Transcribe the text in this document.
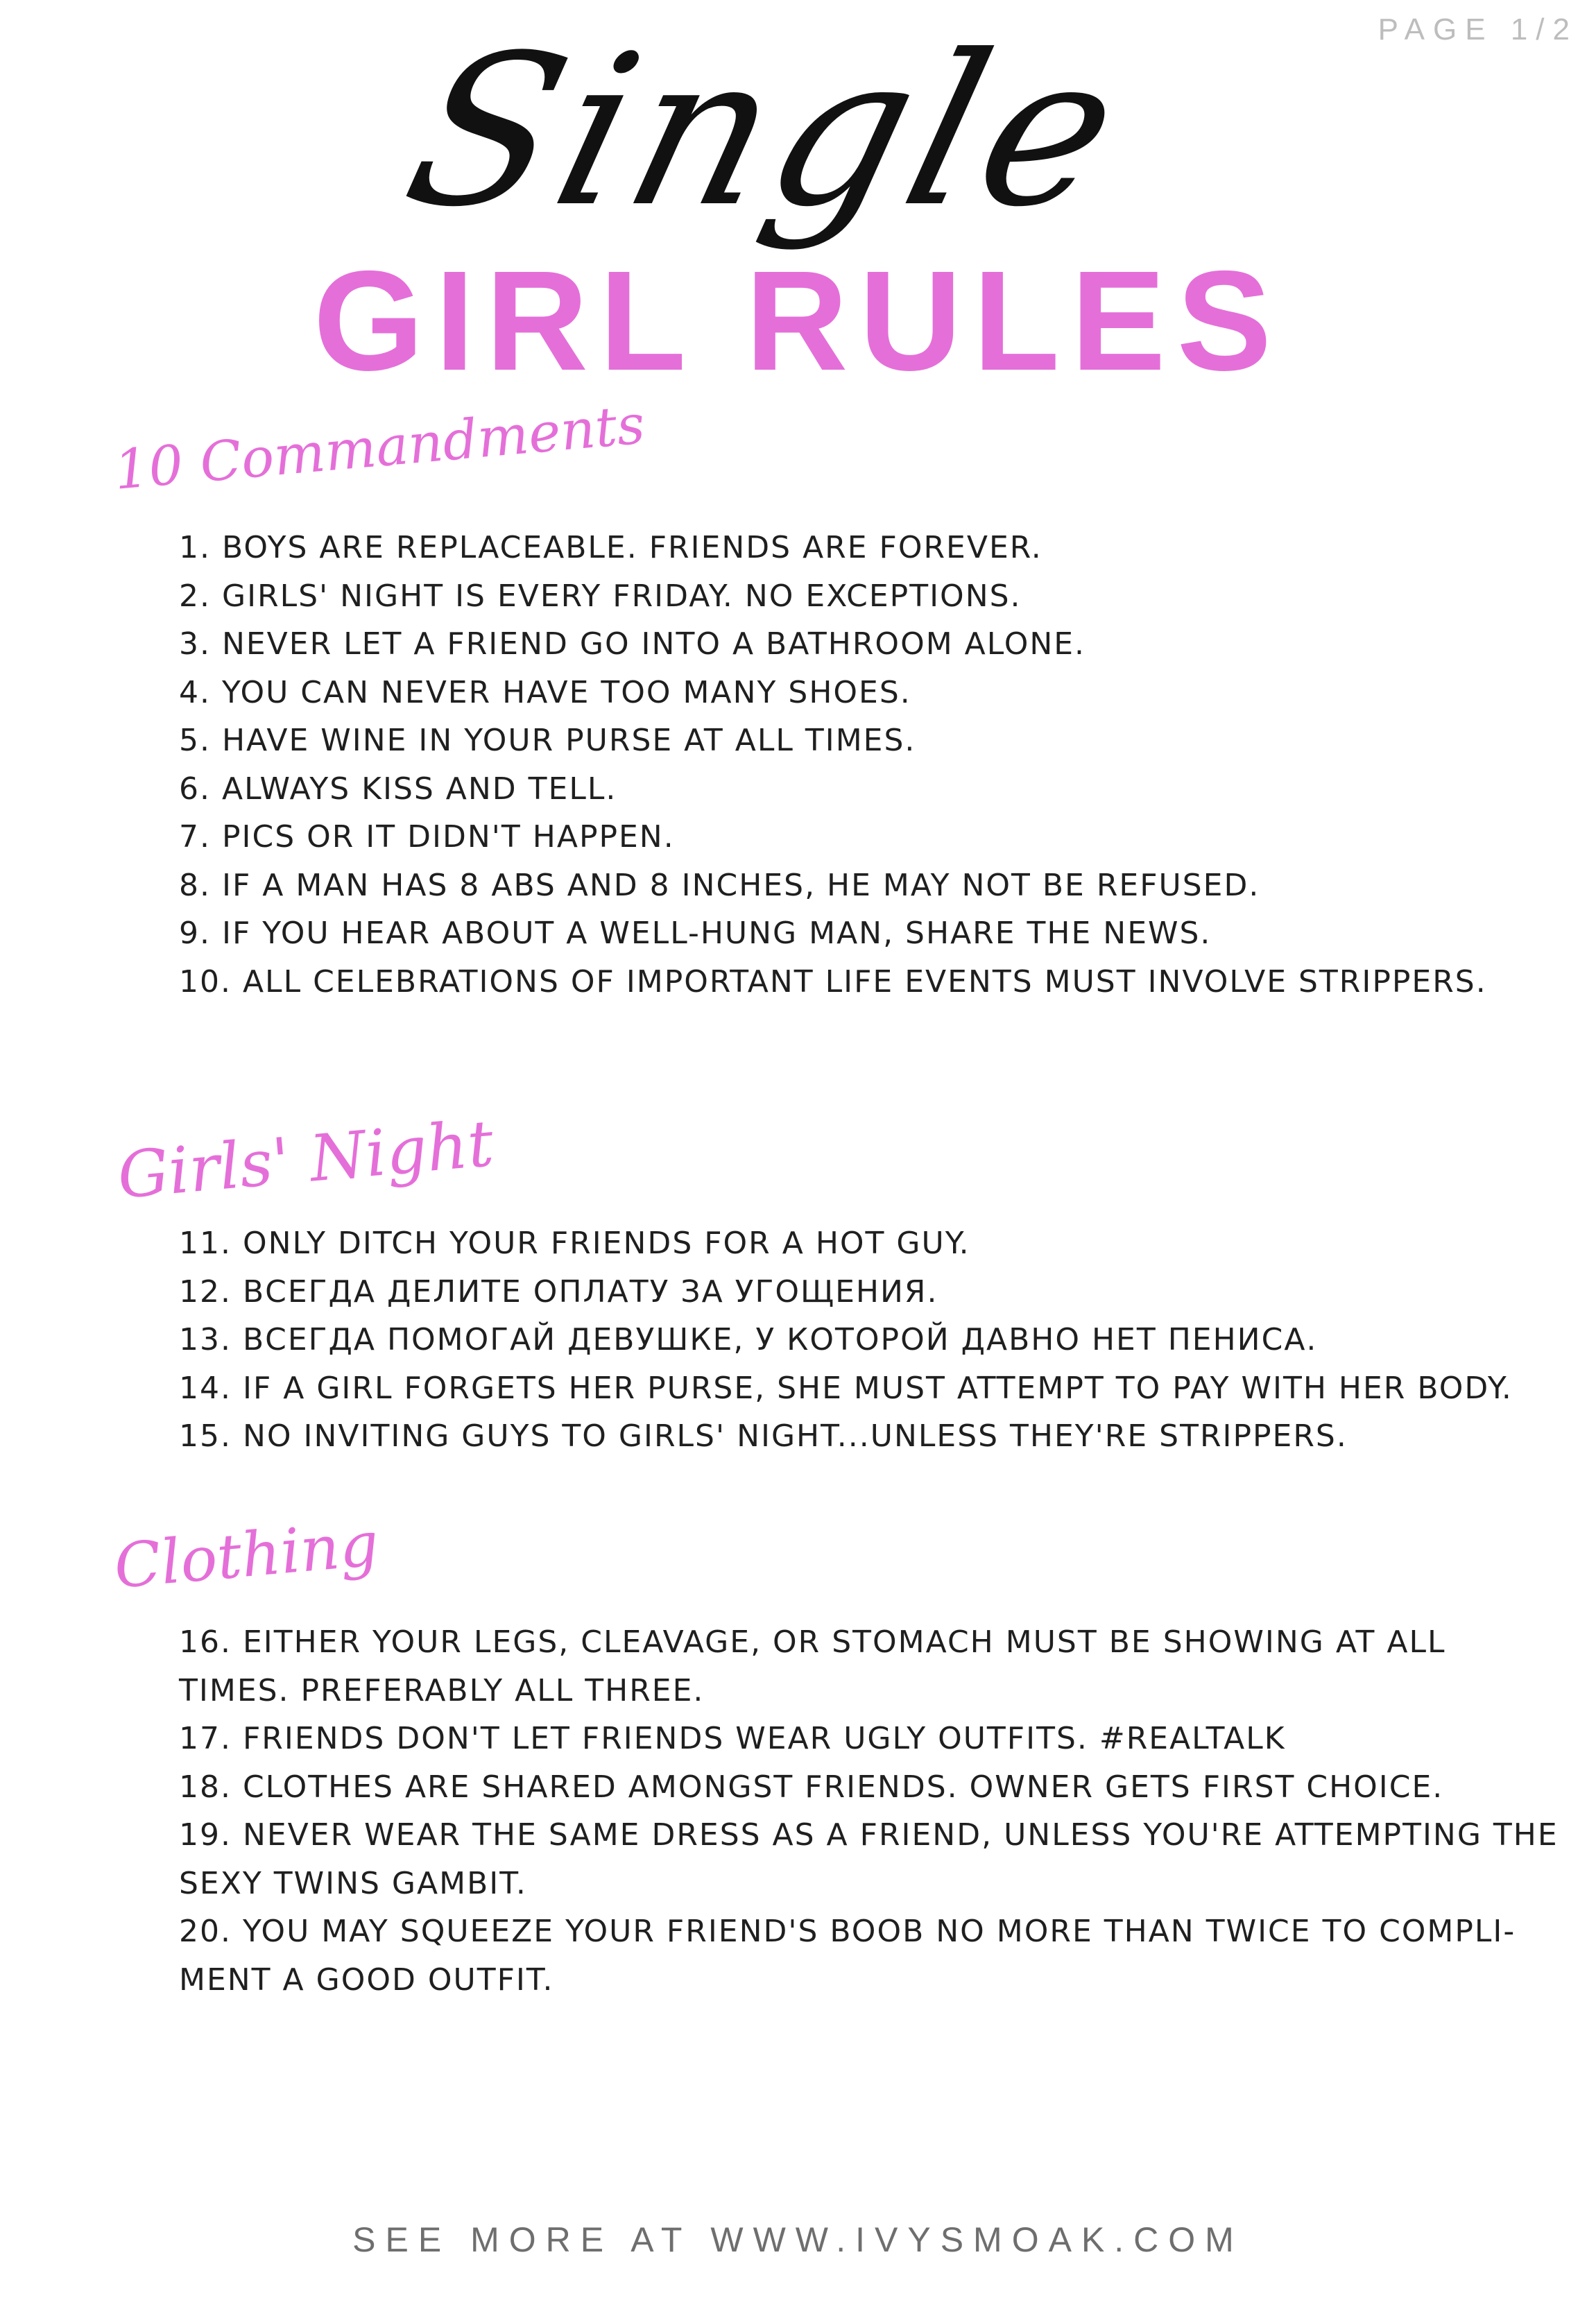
PAGE 1/2
Single
GIRL RULES
10 Commandments
1. BOYS ARE REPLACEABLE. FRIENDS ARE FOREVER.
2. GIRLS' NIGHT IS EVERY FRIDAY. NO EXCEPTIONS.
3. NEVER LET A FRIEND GO INTO A BATHROOM ALONE.
4. YOU CAN NEVER HAVE TOO MANY SHOES.
5. HAVE WINE IN YOUR PURSE AT ALL TIMES.
6. ALWAYS KISS AND TELL.
7. PICS OR IT DIDN'T HAPPEN.
8. IF A MAN HAS 8 ABS AND 8 INCHES, HE MAY NOT BE REFUSED.
9. IF YOU HEAR ABOUT A WELL-HUNG MAN, SHARE THE NEWS.
10. ALL CELEBRATIONS OF IMPORTANT LIFE EVENTS MUST INVOLVE STRIPPERS.
Girls' Night
11. ONLY DITCH YOUR FRIENDS FOR A HOT GUY.
12. ВСЕГДА ДЕЛИТЕ ОПЛАТУ ЗА УГОЩЕНИЯ.
13. ВСЕГДА ПОМОГАЙ ДЕВУШКЕ, У КОТОРОЙ ДАВНО НЕТ ПЕНИСА.
14. IF A GIRL FORGETS HER PURSE, SHE MUST ATTEMPT TO PAY WITH HER BODY.
15. NO INVITING GUYS TO GIRLS' NIGHT...UNLESS THEY'RE STRIPPERS.
Clothing
16. EITHER YOUR LEGS, CLEAVAGE, OR STOMACH MUST BE SHOWING AT ALL TIMES. PREFERABLY ALL THREE.
17. FRIENDS DON'T LET FRIENDS WEAR UGLY OUTFITS. #REALTALK
18. CLOTHES ARE SHARED AMONGST FRIENDS. OWNER GETS FIRST CHOICE.
19. NEVER WEAR THE SAME DRESS AS A FRIEND, UNLESS YOU'RE ATTEMPTING THE SEXY TWINS GAMBIT.
20. YOU MAY SQUEEZE YOUR FRIEND'S BOOB NO MORE THAN TWICE TO COMPLI-MENT A GOOD OUTFIT.
SEE MORE AT WWW.IVYSMOAK.COM
